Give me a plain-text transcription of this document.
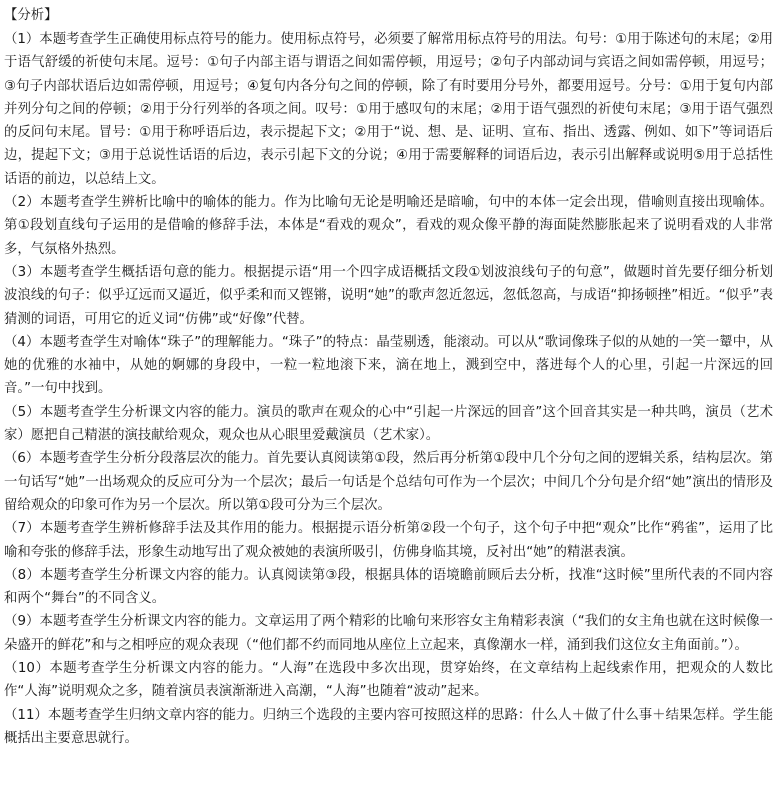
【分析】

（1）本题考查学生正确使用标点符号的能力。使用标点符号，必须要了解常用标点符号的用法。句号：①用于陈述句的末尾；②用于语气舒缓的祈使句末尾。逗号：①句子内部主语与谓语之间如需停顿，用逗号；②句子内部动词与宾语之间如需停顿，用逗号；③句子内部状语后边如需停顿，用逗号；④复句内各分句之间的停顿，除了有时要用分号外，都要用逗号。分号：①用于复句内部并列分句之间的停顿；②用于分行列举的各项之间。叹号：①用于感叹句的末尾；②用于语气强烈的祈使句末尾；③用于语气强烈的反问句末尾。冒号：①用于称呼语后边，表示提起下文；②用于“说、想、是、证明、宣布、指出、透露、例如、如下”等词语后边，提起下文；③用于总说性话语的后边，表示引起下文的分说；④用于需要解释的词语后边，表示引出解释或说明⑤用于总括性话语的前边，以总结上文。

（2）本题考查学生辨析比喻中的喻体的能力。作为比喻句无论是明喻还是暗喻，句中的本体一定会出现，借喻则直接出现喻体。第①段划直线句子运用的是借喻的修辞手法，本体是“看戏的观众”，看戏的观众像平静的海面陡然膨胀起来了说明看戏的人非常多，气氛格外热烈。

（3）本题考查学生概括语句意的能力。根据提示语“用一个四字成语概括文段①划波浪线句子的句意”，做题时首先要仔细分析划波浪线的句子：似乎辽远而又逼近，似乎柔和而又铿锵，说明“她”的歌声忽近忽远，忽低忽高，与成语“抑扬顿挫”相近。“似乎”表猜测的词语，可用它的近义词“仿佛”或“好像”代替。

（4）本题考查学生对喻体“珠子”的理解能力。“珠子”的特点：晶莹剔透，能滚动。可以从“歌词像珠子似的从她的一笑一颦中，从她的优雅的水袖中，从她的婀娜的身段中，一粒一粒地滚下来，滴在地上，溅到空中，落进每个人的心里，引起一片深远的回音。”一句中找到。

（5）本题考查学生分析课文内容的能力。演员的歌声在观众的心中“引起一片深远的回音”这个回音其实是一种共鸣，演员（艺术家）愿把自己精湛的演技献给观众，观众也从心眼里爱戴演员（艺术家）。

（6）本题考查学生分析分段落层次的能力。首先要认真阅读第①段，然后再分析第①段中几个分句之间的逻辑关系，结构层次。第一句话写“她”一出场观众的反应可分为一个层次；最后一句话是个总结句可作为一个层次；中间几个分句是介绍“她”演出的情形及留给观众的印象可作为另一个层次。所以第①段可分为三个层次。

（7）本题考查学生辨析修辞手法及其作用的能力。根据提示语分析第②段一个句子，这个句子中把“观众”比作“鸦雀”，运用了比喻和夸张的修辞手法，形象生动地写出了观众被她的表演所吸引，仿佛身临其境，反衬出“她”的精湛表演。

（8）本题考查学生分析课文内容的能力。认真阅读第③段，根据具体的语境瞻前顾后去分析，找准“这时候”里所代表的不同内容和两个“舞台”的不同含义。

（9）本题考查学生分析课文内容的能力。文章运用了两个精彩的比喻句来形容女主角精彩表演（“我们的女主角也就在这时候像一朵盛开的鲜花”和与之相呼应的观众表现（“他们都不约而同地从座位上立起来，真像潮水一样，涌到我们这位女主角面前。”）。

（10）本题考查学生分析课文内容的能力。“人海”在选段中多次出现，贯穿始终，在文章结构上起线索作用，把观众的人数比作“人海”说明观众之多，随着演员表演渐渐进入高潮，“人海”也随着“波动”起来。

（11）本题考查学生归纳文章内容的能力。归纳三个选段的主要内容可按照这样的思路：什么人＋做了什么事＋结果怎样。学生能概括出主要意思就行。
